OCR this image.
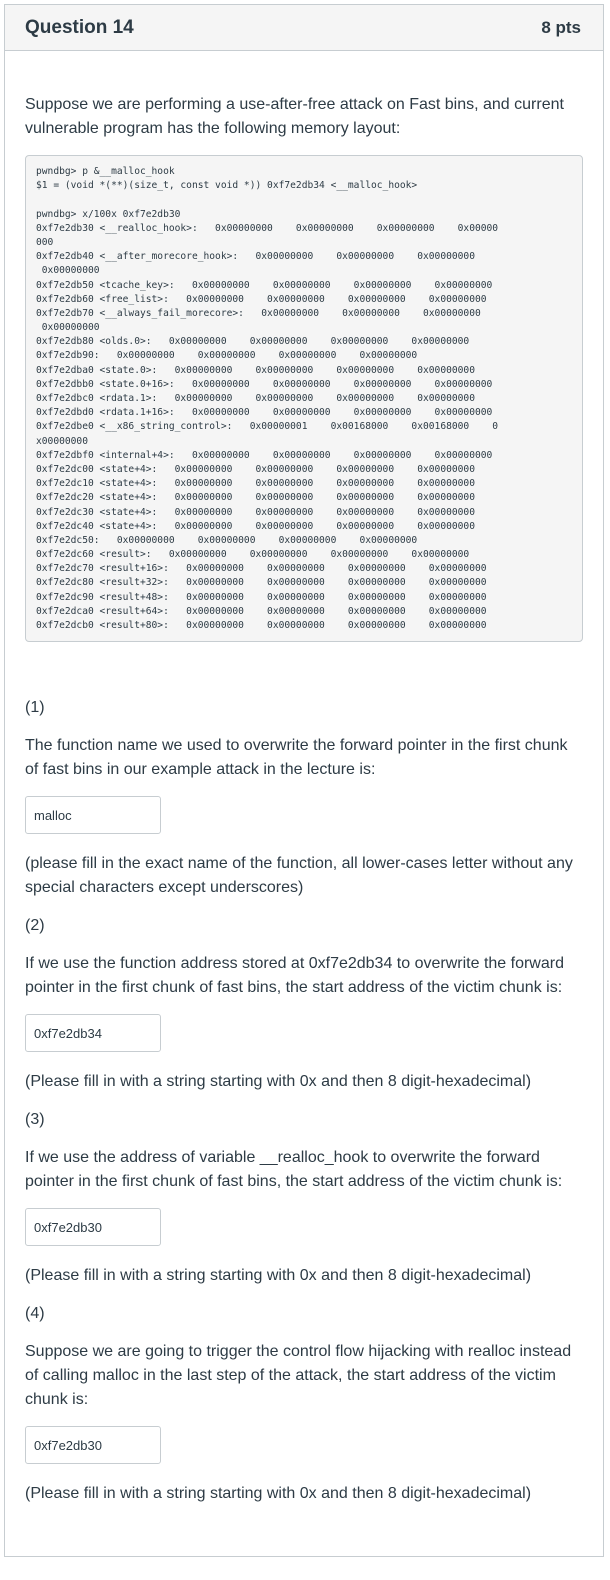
Question 14	8 pts
Suppose we are performing a use-after-free attack on Fast bins, and current vulnerable program has the following memory layout:
pwndbg> p &__malloc_hook
$1 = (void *(**)(size_t, const void *)) 0xf7e2db34 <__malloc_hook>
pwndbg> x/100x 0xf7e2db30
0xf7e2db30 <__realloc_hook>:   0x00000000    0x00000000    0x00000000    0x00000
000
0xf7e2db40 <__after_morecore_hook>:   0x00000000    0x00000000    0x00000000
0x00000000
0xf7e2db50 <tcache_key>:   0x00000000    0x00000000    0x00000000    0x00000000
0xf7e2db60 <free_list>:   0x00000000    0x00000000    0x00000000    0x00000000
0xf7e2db70 <__always_fail_morecore>:   0x00000000    0x00000000    0x00000000
0x00000000
0xf7e2db80 <olds.0>:   0x00000000    0x00000000    0x00000000    0x00000000
0xf7e2db90:   0x00000000    0x00000000    0x00000000    0x00000000
0xf7e2dba0 <state.0>:   0x00000000    0x00000000    0x00000000    0x00000000
0xf7e2dbb0 <state.0+16>:   0x00000000    0x00000000    0x00000000    0x00000000
0xf7e2dbc0 <rdata.1>:   0x00000000    0x00000000    0x00000000    0x00000000
0xf7e2dbd0 <rdata.1+16>:   0x00000000    0x00000000    0x00000000    0x00000000
0xf7e2dbe0 <__x86_string_control>:   0x00000001    0x00168000    0x00168000    0
x00000000
0xf7e2dbf0 <internal+4>:   0x00000000    0x00000000    0x00000000    0x00000000
0xf7e2dc00 <state+4>:   0x00000000    0x00000000    0x00000000    0x00000000
0xf7e2dc10 <state+4>:   0x00000000    0x00000000    0x00000000    0x00000000
0xf7e2dc20 <state+4>:   0x00000000    0x00000000    0x00000000    0x00000000
0xf7e2dc30 <state+4>:   0x00000000    0x00000000    0x00000000    0x00000000
0xf7e2dc40 <state+4>:   0x00000000    0x00000000    0x00000000    0x00000000
0xf7e2dc50:   0x00000000    0x00000000    0x00000000    0x00000000
0xf7e2dc60 <result>:   0x00000000    0x00000000    0x00000000    0x00000000
0xf7e2dc70 <result+16>:   0x00000000    0x00000000    0x00000000    0x00000000
0xf7e2dc80 <result+32>:   0x00000000    0x00000000    0x00000000    0x00000000
0xf7e2dc90 <result+48>:   0x00000000    0x00000000    0x00000000    0x00000000
0xf7e2dca0 <result+64>:   0x00000000    0x00000000    0x00000000    0x00000000
0xf7e2dcb0 <result+80>:   0x00000000    0x00000000    0x00000000    0x00000000
(1)
The function name we used to overwrite the forward pointer in the first chunk of fast bins in our example attack in the lecture is:
malloc
(please fill in the exact name of the function, all lower-cases letter without any special characters except underscores)
(2)
If we use the function address stored at 0xf7e2db34 to overwrite the forward pointer in the first chunk of fast bins, the start address of the victim chunk is:
0xf7e2db34
(Please fill in with a string starting with 0x and then 8 digit-hexadecimal)
(3)
If we use the address of variable __realloc_hook to overwrite the forward pointer in the first chunk of fast bins, the start address of the victim chunk is:
0xf7e2db30
(Please fill in with a string starting with 0x and then 8 digit-hexadecimal)
(4)
Suppose we are going to trigger the control flow hijacking with realloc instead of calling malloc in the last step of the attack, the start address of the victim chunk is:
0xf7e2db30
(Please fill in with a string starting with 0x and then 8 digit-hexadecimal)
